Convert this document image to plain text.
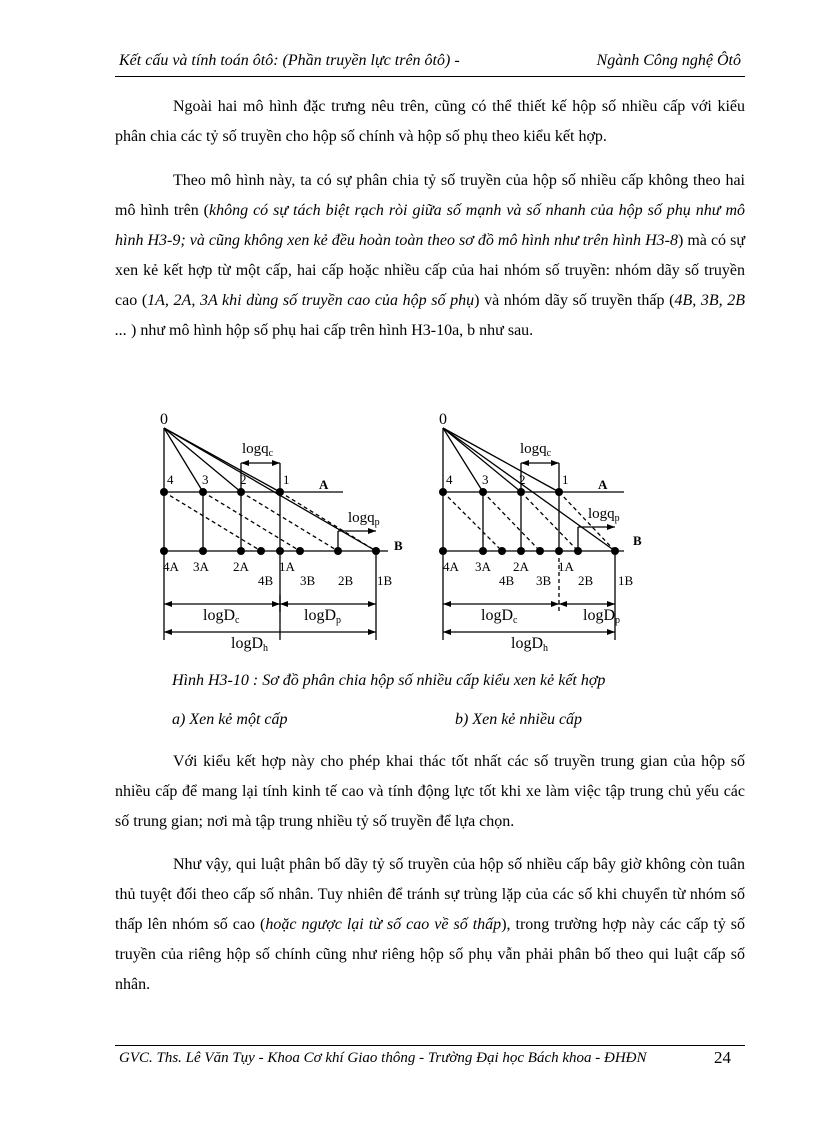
Kết cấu và tính toán ôtô: (Phần truyền lực trên ôtô) -	Ngành Công nghệ Ôtô
Ngoài hai mô hình đặc trưng nêu trên, cũng có thể thiết kế hộp số nhiều cấp với kiểu phân chia các tỷ số truyền cho hộp số chính và hộp số phụ theo kiểu kết hợp.
Theo mô hình này, ta có sự phân chia tỷ số truyền của hộp số nhiều cấp không theo hai mô hình trên (không có sự tách biệt rạch ròi giữa số mạnh và số nhanh của hộp số phụ như mô hình H3-9; và cũng không xen kẻ đều hoàn toàn theo sơ đồ mô hình như trên hình H3-8) mà có sự xen kẻ kết hợp từ một cấp, hai cấp hoặc nhiều cấp của hai nhóm số truyền: nhóm dãy số truyền cao (1A, 2A, 3A khi dùng số truyền cao của hộp số phụ) và nhóm dãy số truyền thấp (4B, 3B, 2B ... ) như mô hình hộp số phụ hai cấp trên hình H3-10a, b như sau.
0
logq$_c$
logq$_p$
A
B
4 3 2	1
4A 3A 2A 1A
4B 3B 2B 1B
logDc	logDp
logDh
0
logq$_c$
logq$_p$
A
B
4 3 2	1
4A 3A 2A 1A
4B 3B 2B 1B
logDc	logDp
logDh
Hình H3-10 : Sơ đồ phân chia hộp số nhiều cấp kiểu xen kẻ kết hợp
a) Xen kẻ một cấp	b) Xen kẻ nhiều cấp
Với kiểu kết hợp này cho phép khai thác tốt nhất các số truyền trung gian của hộp số nhiều cấp để mang lại tính kinh tế cao và tính động lực tốt khi xe làm việc tập trung chủ yếu các số trung gian; nơi mà tập trung nhiều tỷ số truyền để lựa chọn.
Như vậy, qui luật phân bố dãy tỷ số truyền của hộp số nhiều cấp bây giờ không còn tuân thủ tuyệt đối theo cấp số nhân. Tuy nhiên để tránh sự trùng lặp của các số khi chuyển từ nhóm số thấp lên nhóm số cao (hoặc ngược lại từ số cao về số thấp), trong trường hợp này các cấp tỷ số truyền của riêng hộp số chính cũng như riêng hộp số phụ vẫn phải phân bố theo qui luật cấp số nhân.
GVC. Ths. Lê Văn Tụy - Khoa Cơ khí Giao thông - Trường Đại học Bách khoa - ĐHĐN	24
